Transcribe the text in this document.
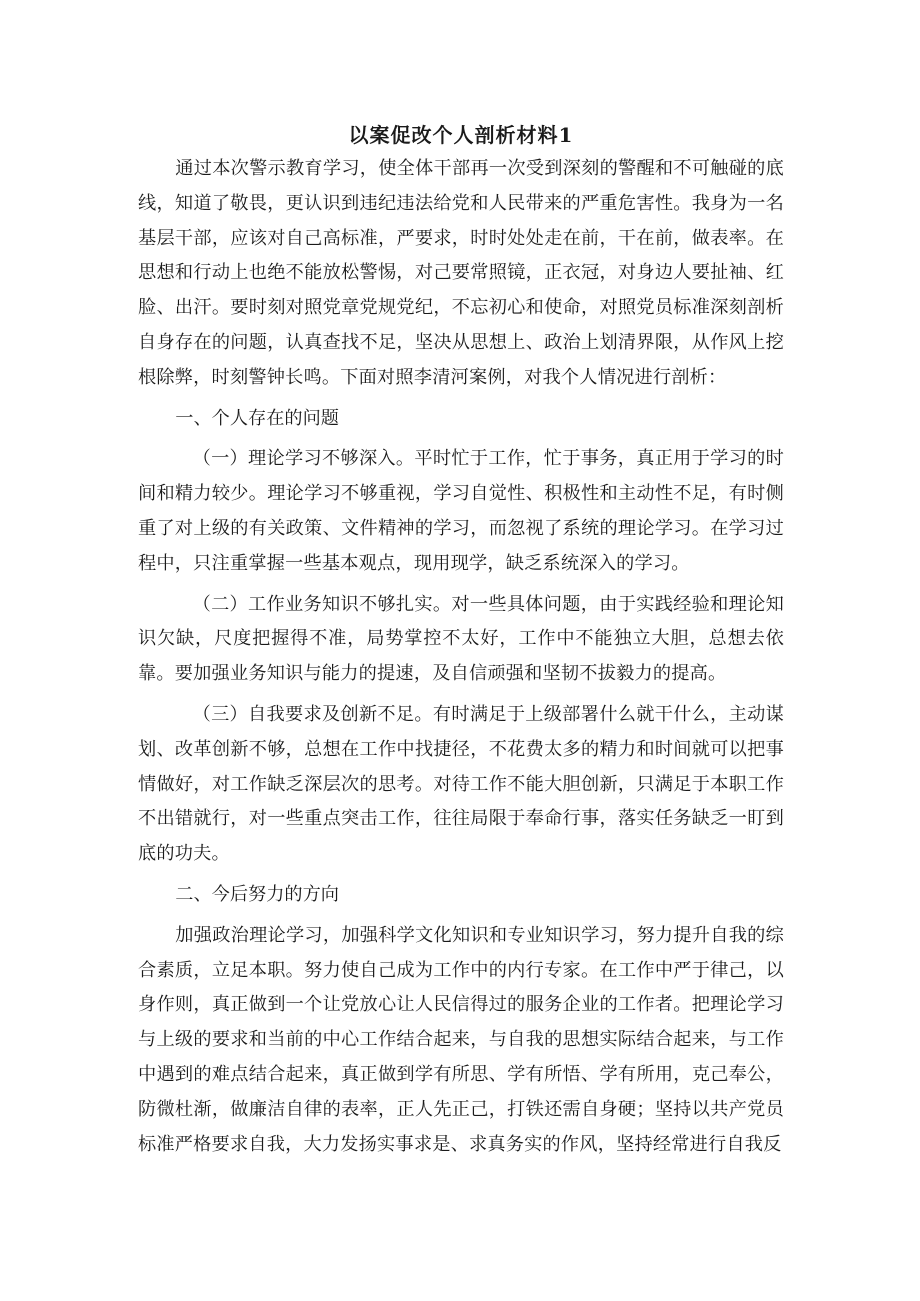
以案促改个人剖析材料1

通过本次警示教育学习，使全体干部再一次受到深刻的警醒和不可触碰的底线，知道了敬畏，更认识到违纪违法给党和人民带来的严重危害性。我身为一名基层干部，应该对自己高标准，严要求，时时处处走在前，干在前，做表率。在思想和行动上也绝不能放松警惕，对己要常照镜，正衣冠，对身边人要扯袖、红脸、出汗。要时刻对照党章党规党纪，不忘初心和使命，对照党员标准深刻剖析自身存在的问题，认真查找不足，坚决从思想上、政治上划清界限，从作风上挖根除弊，时刻警钟长鸣。下面对照李清河案例，对我个人情况进行剖析：

一、个人存在的问题

（一）理论学习不够深入。平时忙于工作，忙于事务，真正用于学习的时间和精力较少。理论学习不够重视，学习自觉性、积极性和主动性不足，有时侧重了对上级的有关政策、文件精神的学习，而忽视了系统的理论学习。在学习过程中，只注重掌握一些基本观点，现用现学，缺乏系统深入的学习。

（二）工作业务知识不够扎实。对一些具体问题，由于实践经验和理论知识欠缺，尺度把握得不准，局势掌控不太好，工作中不能独立大胆，总想去依靠。要加强业务知识与能力的提速，及自信顽强和坚韧不拔毅力的提高。

（三）自我要求及创新不足。有时满足于上级部署什么就干什么，主动谋划、改革创新不够，总想在工作中找捷径，不花费太多的精力和时间就可以把事情做好，对工作缺乏深层次的思考。对待工作不能大胆创新，只满足于本职工作不出错就行，对一些重点突击工作，往往局限于奉命行事，落实任务缺乏一盯到底的功夫。

二、今后努力的方向

加强政治理论学习，加强科学文化知识和专业知识学习，努力提升自我的综合素质，立足本职。努力使自己成为工作中的内行专家。在工作中严于律己，以身作则，真正做到一个让党放心让人民信得过的服务企业的工作者。把理论学习与上级的要求和当前的中心工作结合起来，与自我的思想实际结合起来，与工作中遇到的难点结合起来，真正做到学有所思、学有所悟、学有所用，克己奉公，防微杜渐，做廉洁自律的表率，正人先正己，打铁还需自身硬；坚持以共产党员标准严格要求自我，大力发扬实事求是、求真务实的作风，坚持经常进行自我反
